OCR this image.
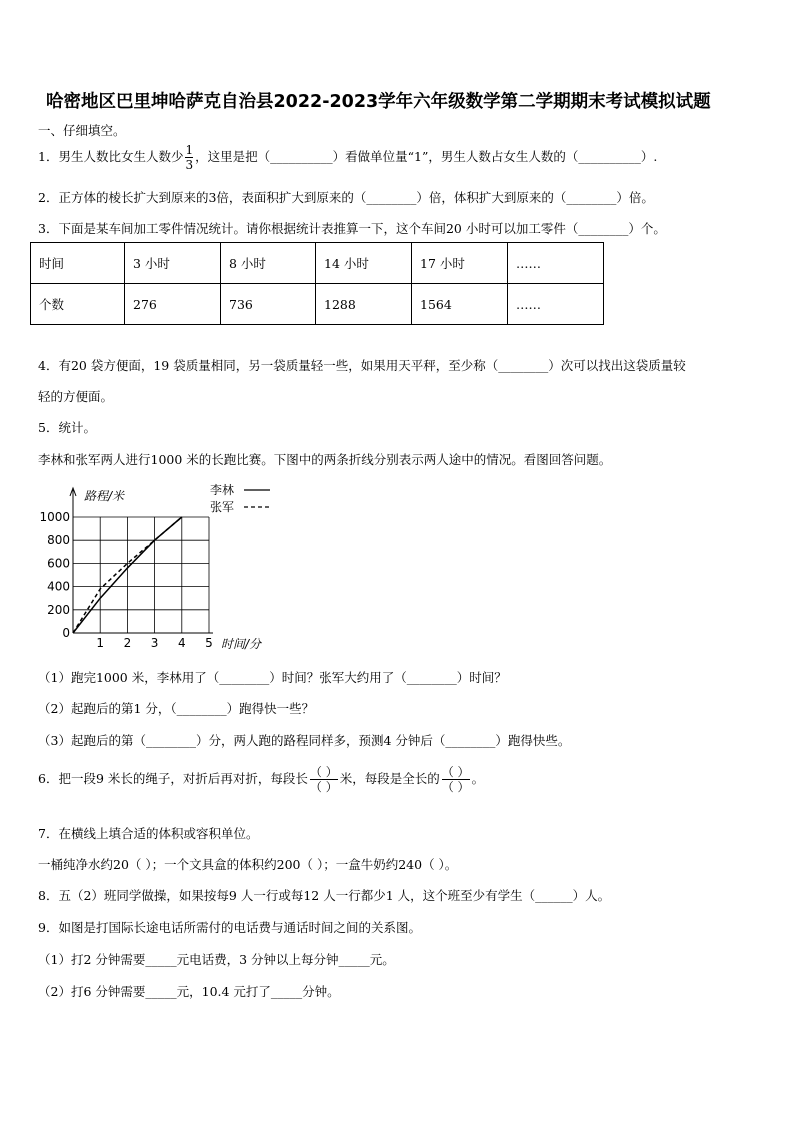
哈密地区巴里坤哈萨克自治县2022-2023学年六年级数学第二学期期末考试模拟试题
一、仔细填空。
1．男生人数比女生人数少 $\frac{1}{3}$ ，这里是把（__________）看做单位量“1”，男生人数占女生人数的（__________）.
2．正方体的棱长扩大到原来的3倍，表面积扩大到原来的（________）倍，体积扩大到原来的（________）倍。
3．下面是某车间加工零件情况统计。请你根据统计表推算一下，这个车间20 小时可以加工零件（________）个。
时间	3 小时	8 小时	14 小时	17 小时	……
个数	276	736	1288	1564	……
4．有20 袋方便面，19 袋质量相同，另一袋质量轻一些，如果用天平秤，至少称（________）次可以找出这袋质量较
轻的方便面。
5．统计。
李林和张军两人进行1000 米的长跑比赛。下图中的两条折线分别表示两人途中的情况。看图回答问题。
1 2 3 4 5
200
400
600
800
1000
0
路程/米
时间/分
李林
张军
（1）跑完1000 米，李林用了（________）时间？张军大约用了（________）时间？
（2）起跑后的第1 分，（________）跑得快一些？
（3）起跑后的第（________）分，两人跑的路程同样多，预测4 分钟后（________）跑得快些。
6．把一段9 米长的绳子，对折后再对折，每段长 $\frac{( )}{( )}$ 米，每段是全长的 $\frac{( )}{( )}$ 。
7．在横线上填合适的体积或容积单位。
一桶纯净水约20（ ）；一个文具盒的体积约200（ ）；一盒牛奶约240（ ）。
8．五（2）班同学做操，如果按每9 人一行或每12 人一行都少1 人，这个班至少有学生（______）人。
9．如图是打国际长途电话所需付的电话费与通话时间之间的关系图。
（1）打2 分钟需要_____元电话费，3 分钟以上每分钟_____元。
（2）打6 分钟需要_____元，10.4 元打了_____分钟。
